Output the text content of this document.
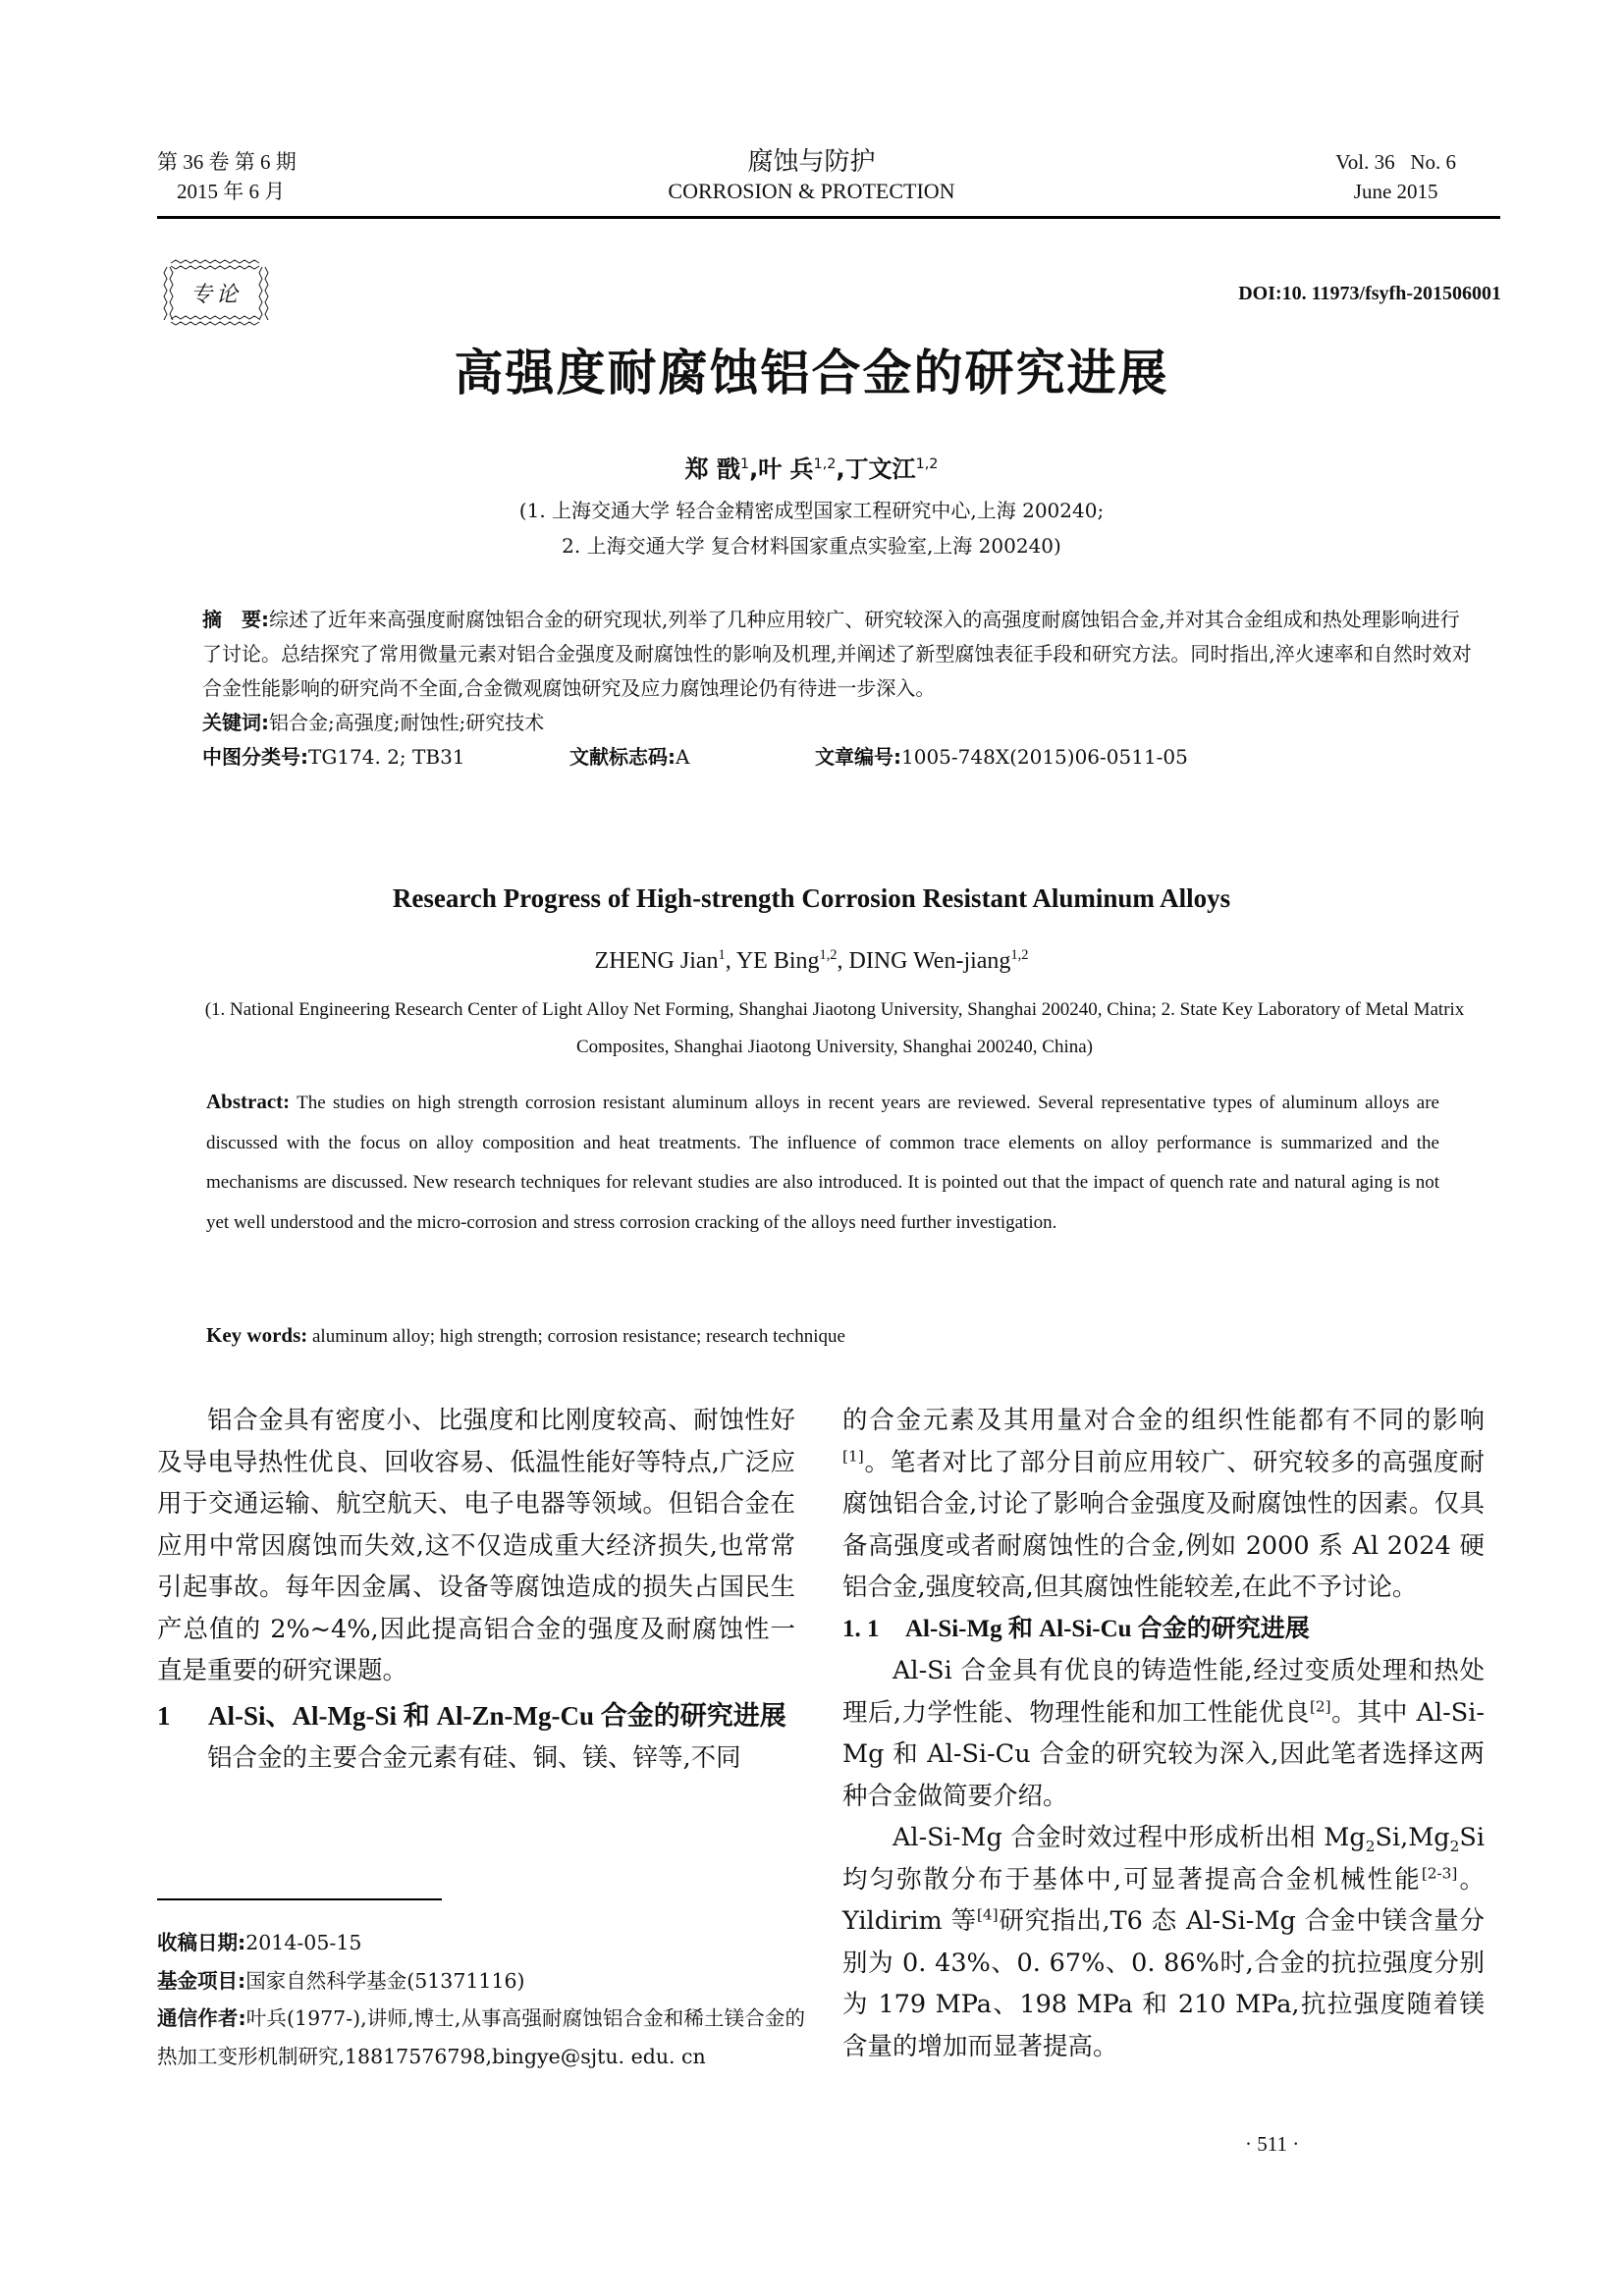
第 36 卷 第 6 期
2015 年 6 月
腐蚀与防护
CORROSION & PROTECTION
Vol. 36   No. 6
June 2015
专论	DOI:10. 11973/fsyfh-201506001
高强度耐腐蚀铝合金的研究进展
郑 戬$^1$,叶 兵$^{1,2}$,丁文江$^{1,2}$
(1. 上海交通大学 轻合金精密成型国家工程研究中心,上海 200240;
2. 上海交通大学 复合材料国家重点实验室,上海 200240)
摘　要:综述了近年来高强度耐腐蚀铝合金的研究现状,列举了几种应用较广、研究较深入的高强度耐腐蚀铝合金,并对其合金组成和热处理影响进行了讨论。总结探究了常用微量元素对铝合金强度及耐腐蚀性的影响及机理,并阐述了新型腐蚀表征手段和研究方法。同时指出,淬火速率和自然时效对合金性能影响的研究尚不全面,合金微观腐蚀研究及应力腐蚀理论仍有待进一步深入。
关键词:铝合金;高强度;耐蚀性;研究技术
中图分类号:TG174. 2; TB31	文献标志码:A	文章编号:1005-748X(2015)06-0511-05
Research Progress of High-strength Corrosion Resistant Aluminum Alloys
ZHENG Jian$^1$, YE Bing$^{1,2}$, DING Wen-jiang$^{1,2}$
(1. National Engineering Research Center of Light Alloy Net Forming, Shanghai Jiaotong University, Shanghai 200240, China; 2. State Key Laboratory of Metal Matrix Composites, Shanghai Jiaotong University, Shanghai 200240, China)
Abstract: The studies on high strength corrosion resistant aluminum alloys in recent years are reviewed. Several representative types of aluminum alloys are discussed with the focus on alloy composition and heat treatments. The influence of common trace elements on alloy performance is summarized and the mechanisms are discussed. New research techniques for relevant studies are also introduced. It is pointed out that the impact of quench rate and natural aging is not yet well understood and the micro-corrosion and stress corrosion cracking of the alloys need further investigation.
Key words: aluminum alloy; high strength; corrosion resistance; research technique

铝合金具有密度小、比强度和比刚度较高、耐蚀性好及导电导热性优良、回收容易、低温性能好等特点,广泛应用于交通运输、航空航天、电子电器等领域。但铝合金在应用中常因腐蚀而失效,这不仅造成重大经济损失,也常常引起事故。每年因金属、设备等腐蚀造成的损失占国民生产总值的 2%~4%,因此提高铝合金的强度及耐腐蚀性一直是重要的研究课题。

1	Al-Si、Al-Mg-Si 和 Al-Zn-Mg-Cu 合金的研究进展

铝合金的主要合金元素有硅、铜、镁、锌等,不同

收稿日期:2014-05-15
基金项目:国家自然科学基金(51371116)
通信作者:叶兵(1977-),讲师,博士,从事高强耐腐蚀铝合金和稀土镁合金的热加工变形机制研究,18817576798,bingye@sjtu. edu. cn

的合金元素及其用量对合金的组织性能都有不同的影响[1]。笔者对比了部分目前应用较广、研究较多的高强度耐腐蚀铝合金,讨论了影响合金强度及耐腐蚀性的因素。仅具备高强度或者耐腐蚀性的合金,例如 2000 系 Al 2024 硬铝合金,强度较高,但其腐蚀性能较差,在此不予讨论。

1. 1 Al-Si-Mg 和 Al-Si-Cu 合金的研究进展

Al-Si 合金具有优良的铸造性能,经过变质处理和热处理后,力学性能、物理性能和加工性能优良[2]。其中 Al-Si-Mg 和 Al-Si-Cu 合金的研究较为深入,因此笔者选择这两种合金做简要介绍。

Al-Si-Mg 合金时效过程中形成析出相 $Mg_2Si,Mg_2Si$ 均匀弥散分布于基体中,可显著提高合金机械性能[2-3]。Yildirim 等[4]研究指出,T6 态 Al-Si-Mg 合金中镁含量分别为 0. 43%、0. 67%、0. 86%时,合金的抗拉强度分别为 179 MPa、198 MPa 和 210 MPa,抗拉强度随着镁含量的增加而显著提高。

· 511 ·
